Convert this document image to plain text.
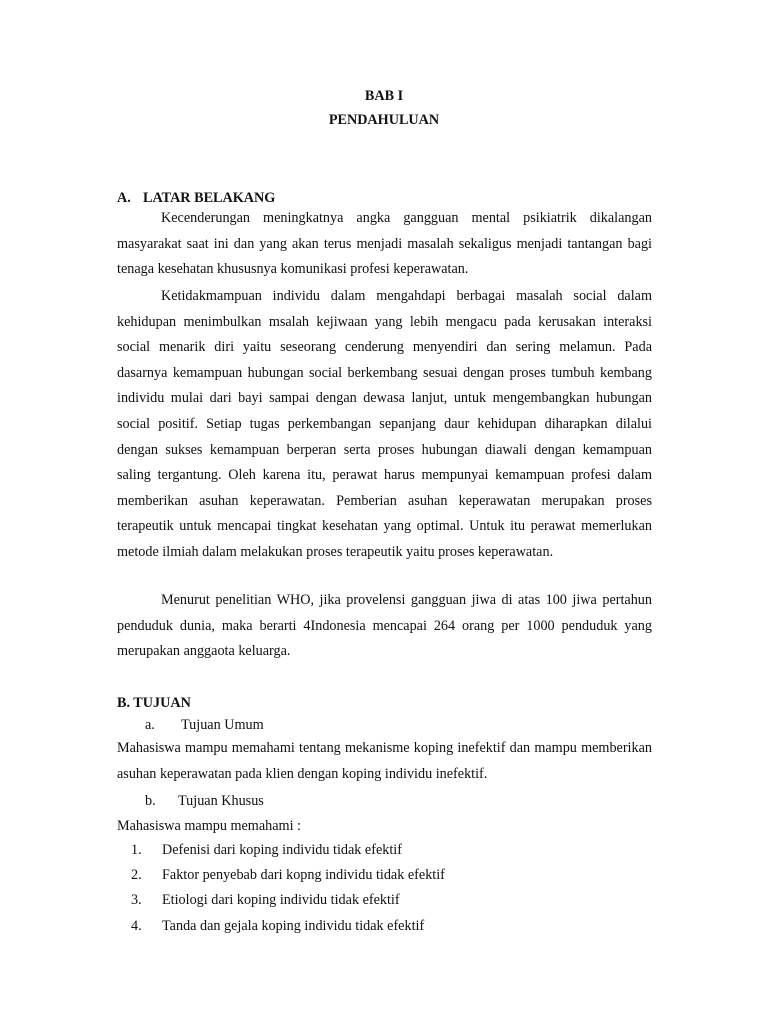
BAB I
PENDAHULUAN
A. LATAR BELAKANG

Kecenderungan meningkatnya angka gangguan mental psikiatrik dikalangan masyarakat saat ini dan yang akan terus menjadi masalah sekaligus menjadi tantangan bagi tenaga kesehatan khususnya komunikasi profesi keperawatan.

Ketidakmampuan individu dalam mengahdapi berbagai masalah social dalam kehidupan menimbulkan msalah kejiwaan yang lebih mengacu pada kerusakan interaksi social menarik diri yaitu seseorang cenderung menyendiri dan sering melamun. Pada dasarnya kemampuan hubungan social berkembang sesuai dengan proses tumbuh kembang individu mulai dari bayi sampai dengan dewasa lanjut, untuk mengembangkan hubungan social positif. Setiap tugas perkembangan sepanjang daur kehidupan diharapkan dilalui dengan sukses kemampuan berperan serta proses hubungan diawali dengan kemampuan saling tergantung. Oleh karena itu, perawat harus mempunyai kemampuan profesi dalam memberikan asuhan keperawatan. Pemberian asuhan keperawatan merupakan proses terapeutik untuk mencapai tingkat kesehatan yang optimal. Untuk itu perawat memerlukan metode ilmiah dalam melakukan proses terapeutik yaitu proses keperawatan.

Menurut penelitian WHO, jika provelensi gangguan jiwa di atas 100 jiwa pertahun penduduk dunia, maka berarti 4Indonesia mencapai 264 orang per 1000 penduduk yang merupakan anggaota keluarga.

B. TUJUAN
a. Tujuan Umum

Mahasiswa mampu memahami tentang mekanisme koping inefektif dan mampu memberikan asuhan keperawatan pada klien dengan koping individu inefektif.

b. Tujuan Khusus
Mahasiswa mampu memahami :
1. Defenisi dari koping individu tidak efektif
2. Faktor penyebab dari kopng individu tidak efektif
3. Etiologi dari koping individu tidak efektif
4. Tanda dan gejala koping individu tidak efektif
